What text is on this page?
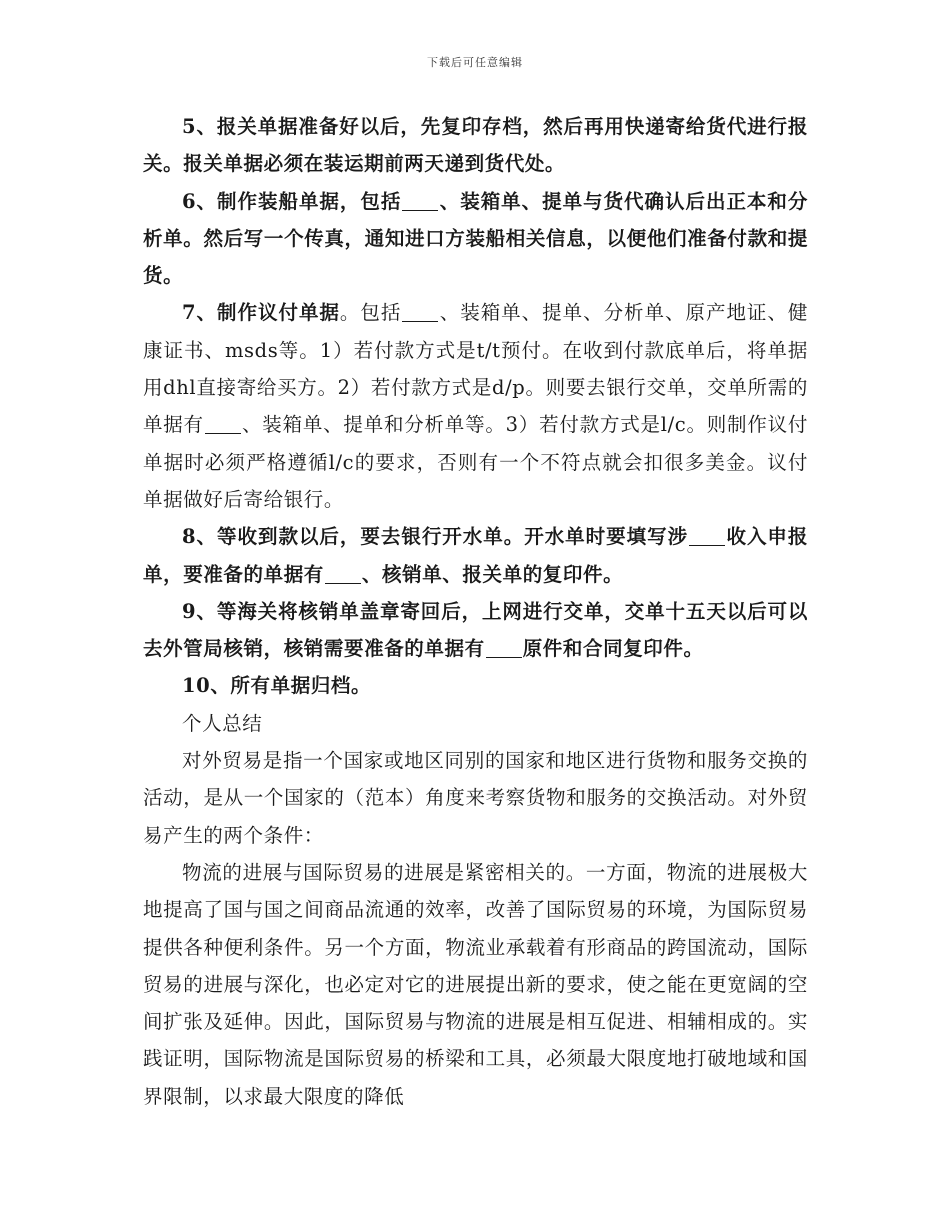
下载后可任意编辑

5、报关单据准备好以后，先复印存档，然后再用快递寄给货代进行报关。报关单据必须在装运期前两天递到货代处。

6、制作装船单据，包括 、装箱单、提单与货代确认后出正本和分析单。然后写一个传真，通知进口方装船相关信息，以便他们准备付款和提货。

7、制作议付单据。包括 、装箱单、提单、分析单、原产地证、健康证书、msds等。1）若付款方式是t/t预付。在收到付款底单后，将单据用dhl直接寄给买方。2）若付款方式是d/p。则要去银行交单，交单所需的单据有 、装箱单、提单和分析单等。3）若付款方式是l/c。则制作议付单据时必须严格遵循l/c的要求，否则有一个不符点就会扣很多美金。议付单据做好后寄给银行。

8、等收到款以后，要去银行开水单。开水单时要填写涉 收入申报单，要准备的单据有 、核销单、报关单的复印件。

9、等海关将核销单盖章寄回后，上网进行交单，交单十五天以后可以去外管局核销，核销需要准备的单据有 原件和合同复印件。

10、所有单据归档。

个人总结

对外贸易是指一个国家或地区同别的国家和地区进行货物和服务交换的活动，是从一个国家的（范本）角度来考察货物和服务的交换活动。对外贸易产生的两个条件：

物流的进展与国际贸易的进展是紧密相关的。一方面，物流的进展极大地提高了国与国之间商品流通的效率，改善了国际贸易的环境，为国际贸易提供各种便利条件。另一个方面，物流业承载着有形商品的跨国流动，国际贸易的进展与深化，也必定对它的进展提出新的要求，使之能在更宽阔的空间扩张及延伸。因此，国际贸易与物流的进展是相互促进、相辅相成的。实践证明，国际物流是国际贸易的桥梁和工具，必须最大限度地打破地域和国界限制，以求最大限度的降低
